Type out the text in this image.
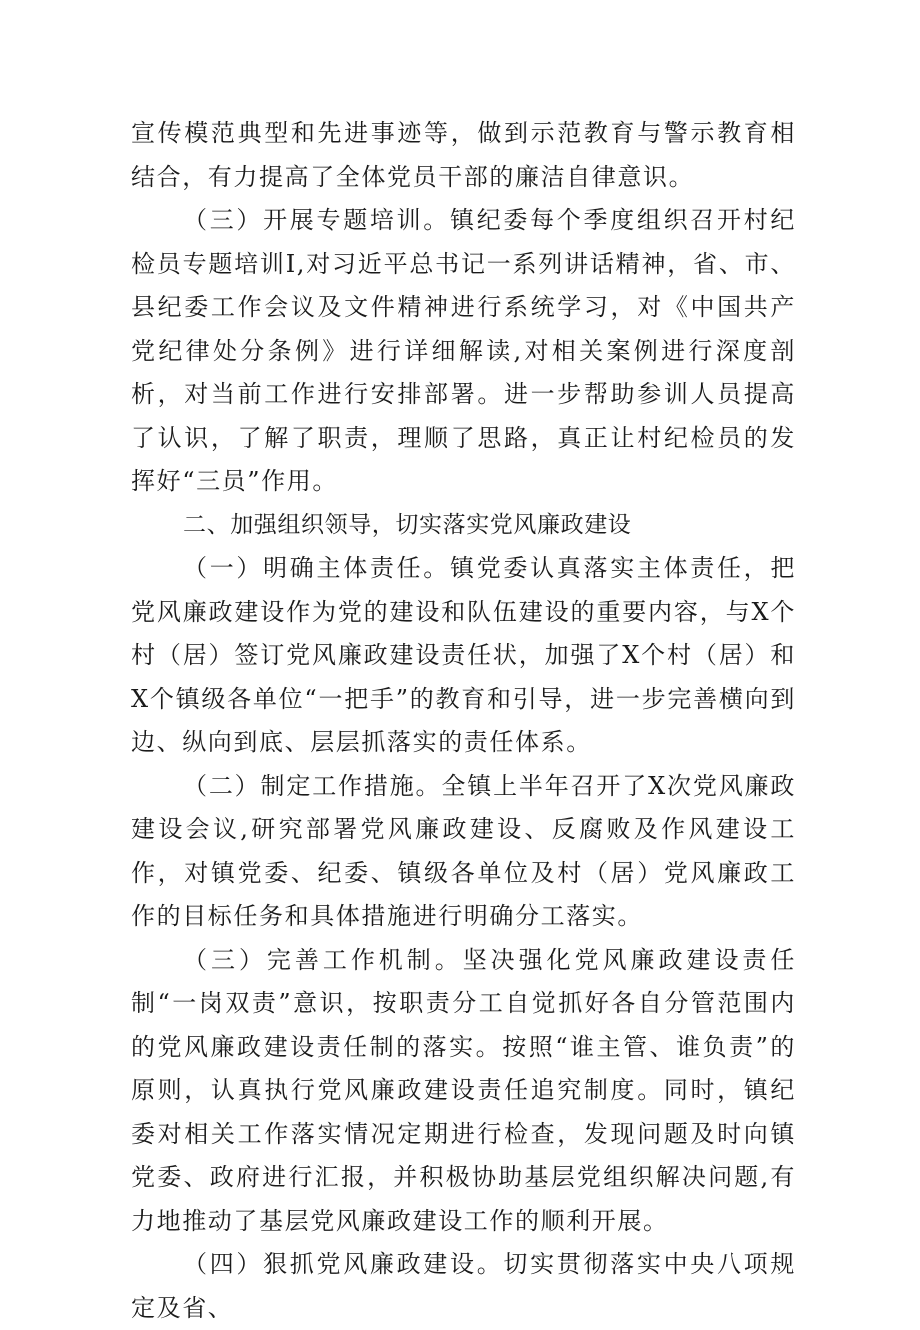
宣传模范典型和先进事迹等，做到示范教育与警示教育相结合，有力提高了全体党员干部的廉洁自律意识。

（三）开展专题培训。镇纪委每个季度组织召开村纪检员专题培训I,对习近平总书记一系列讲话精神，省、市、县纪委工作会议及文件精神进行系统学习，对《中国共产党纪律处分条例》进行详细解读,对相关案例进行深度剖析，对当前工作进行安排部署。进一步帮助参训人员提高了认识，了解了职责，理顺了思路，真正让村纪检员的发挥好“三员”作用。

二、加强组织领导，切实落实党风廉政建设

（一）明确主体责任。镇党委认真落实主体责任，把党风廉政建设作为党的建设和队伍建设的重要内容，与X个村（居）签订党风廉政建设责任状，加强了X个村（居）和X个镇级各单位“一把手”的教育和引导，进一步完善横向到边、纵向到底、层层抓落实的责任体系。

（二）制定工作措施。全镇上半年召开了X次党风廉政建设会议,研究部署党风廉政建设、反腐败及作风建设工作，对镇党委、纪委、镇级各单位及村（居）党风廉政工作的目标任务和具体措施进行明确分工落实。

（三）完善工作机制。坚决强化党风廉政建设责任制“一岗双责”意识，按职责分工自觉抓好各自分管范围内的党风廉政建设责任制的落实。按照“谁主管、谁负责”的原则，认真执行党风廉政建设责任追究制度。同时，镇纪委对相关工作落实情况定期进行检查，发现问题及时向镇党委、政府进行汇报，并积极协助基层党组织解决问题,有力地推动了基层党风廉政建设工作的顺利开展。

（四）狠抓党风廉政建设。切实贯彻落实中央八项规定及省、
